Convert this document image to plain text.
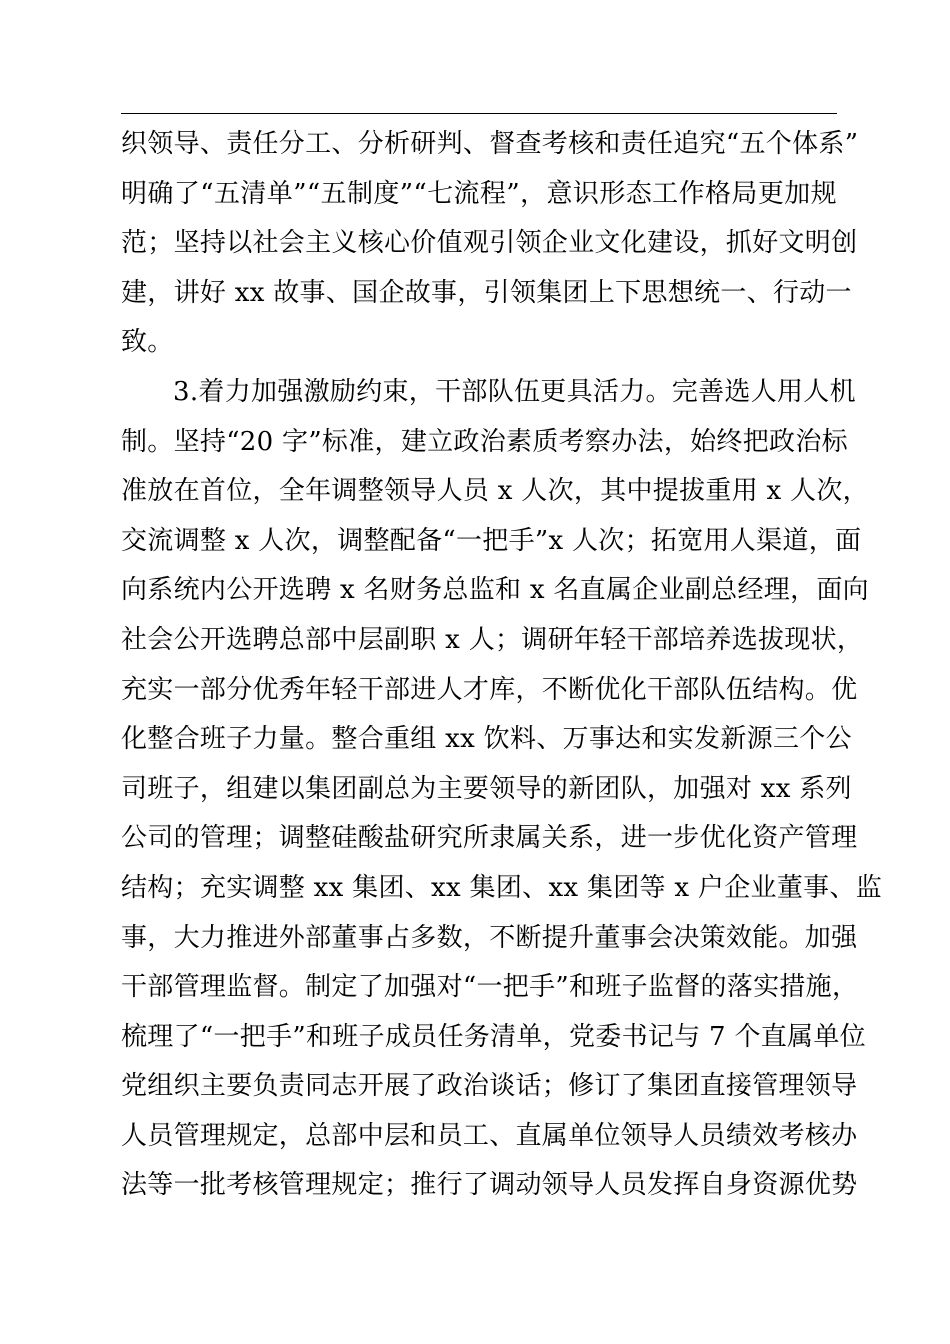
织领导、责任分工、分析研判、督查考核和责任追究“五个体系”
明确了“五清单”“五制度”“七流程”，意识形态工作格局更加规
范；坚持以社会主义核心价值观引领企业文化建设，抓好文明创
建，讲好 xx 故事、国企故事，引领集团上下思想统一、行动一
致。
3.着力加强激励约束，干部队伍更具活力。完善选人用人机
制。坚持“20 字”标准，建立政治素质考察办法，始终把政治标
准放在首位，全年调整领导人员 x 人次，其中提拔重用 x 人次，
交流调整 x 人次，调整配备“一把手”x 人次；拓宽用人渠道，面
向系统内公开选聘 x 名财务总监和 x 名直属企业副总经理，面向
社会公开选聘总部中层副职 x 人；调研年轻干部培养选拔现状，
充实一部分优秀年轻干部进人才库，不断优化干部队伍结构。优
化整合班子力量。整合重组 xx 饮料、万事达和实发新源三个公
司班子，组建以集团副总为主要领导的新团队，加强对 xx 系列
公司的管理；调整硅酸盐研究所隶属关系，进一步优化资产管理
结构；充实调整 xx 集团、xx 集团、xx 集团等 x 户企业董事、监
事，大力推进外部董事占多数，不断提升董事会决策效能。加强
干部管理监督。制定了加强对“一把手”和班子监督的落实措施，
梳理了“一把手”和班子成员任务清单，党委书记与 7 个直属单位
党组织主要负责同志开展了政治谈话；修订了集团直接管理领导
人员管理规定，总部中层和员工、直属单位领导人员绩效考核办
法等一批考核管理规定；推行了调动领导人员发挥自身资源优势
